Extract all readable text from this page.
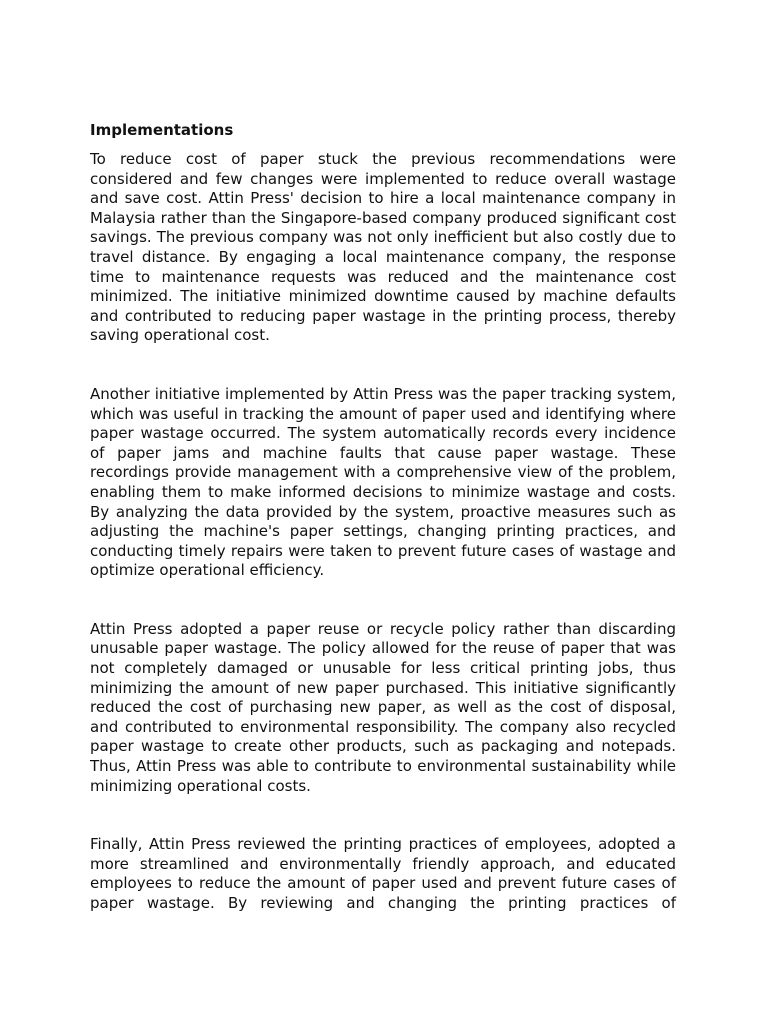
Implementations

To reduce cost of paper stuck the previous recommendations were considered and few changes were implemented to reduce overall wastage and save cost. Attin Press' decision to hire a local maintenance company in Malaysia rather than the Singapore-based company produced significant cost savings. The previous company was not only inefficient but also costly due to travel distance. By engaging a local maintenance company, the response time to maintenance requests was reduced and the maintenance cost minimized. The initiative minimized downtime caused by machine defaults and contributed to reducing paper wastage in the printing process, thereby saving operational cost.

Another initiative implemented by Attin Press was the paper tracking system, which was useful in tracking the amount of paper used and identifying where paper wastage occurred. The system automatically records every incidence of paper jams and machine faults that cause paper wastage. These recordings provide management with a comprehensive view of the problem, enabling them to make informed decisions to minimize wastage and costs. By analyzing the data provided by the system, proactive measures such as adjusting the machine's paper settings, changing printing practices, and conducting timely repairs were taken to prevent future cases of wastage and optimize operational efficiency.

Attin Press adopted a paper reuse or recycle policy rather than discarding unusable paper wastage. The policy allowed for the reuse of paper that was not completely damaged or unusable for less critical printing jobs, thus minimizing the amount of new paper purchased. This initiative significantly reduced the cost of purchasing new paper, as well as the cost of disposal, and contributed to environmental responsibility. The company also recycled paper wastage to create other products, such as packaging and notepads. Thus, Attin Press was able to contribute to environmental sustainability while minimizing operational costs.

Finally, Attin Press reviewed the printing practices of employees, adopted a more streamlined and environmentally friendly approach, and educated employees to reduce the amount of paper used and prevent future cases of paper wastage. By reviewing and changing the printing practices of
